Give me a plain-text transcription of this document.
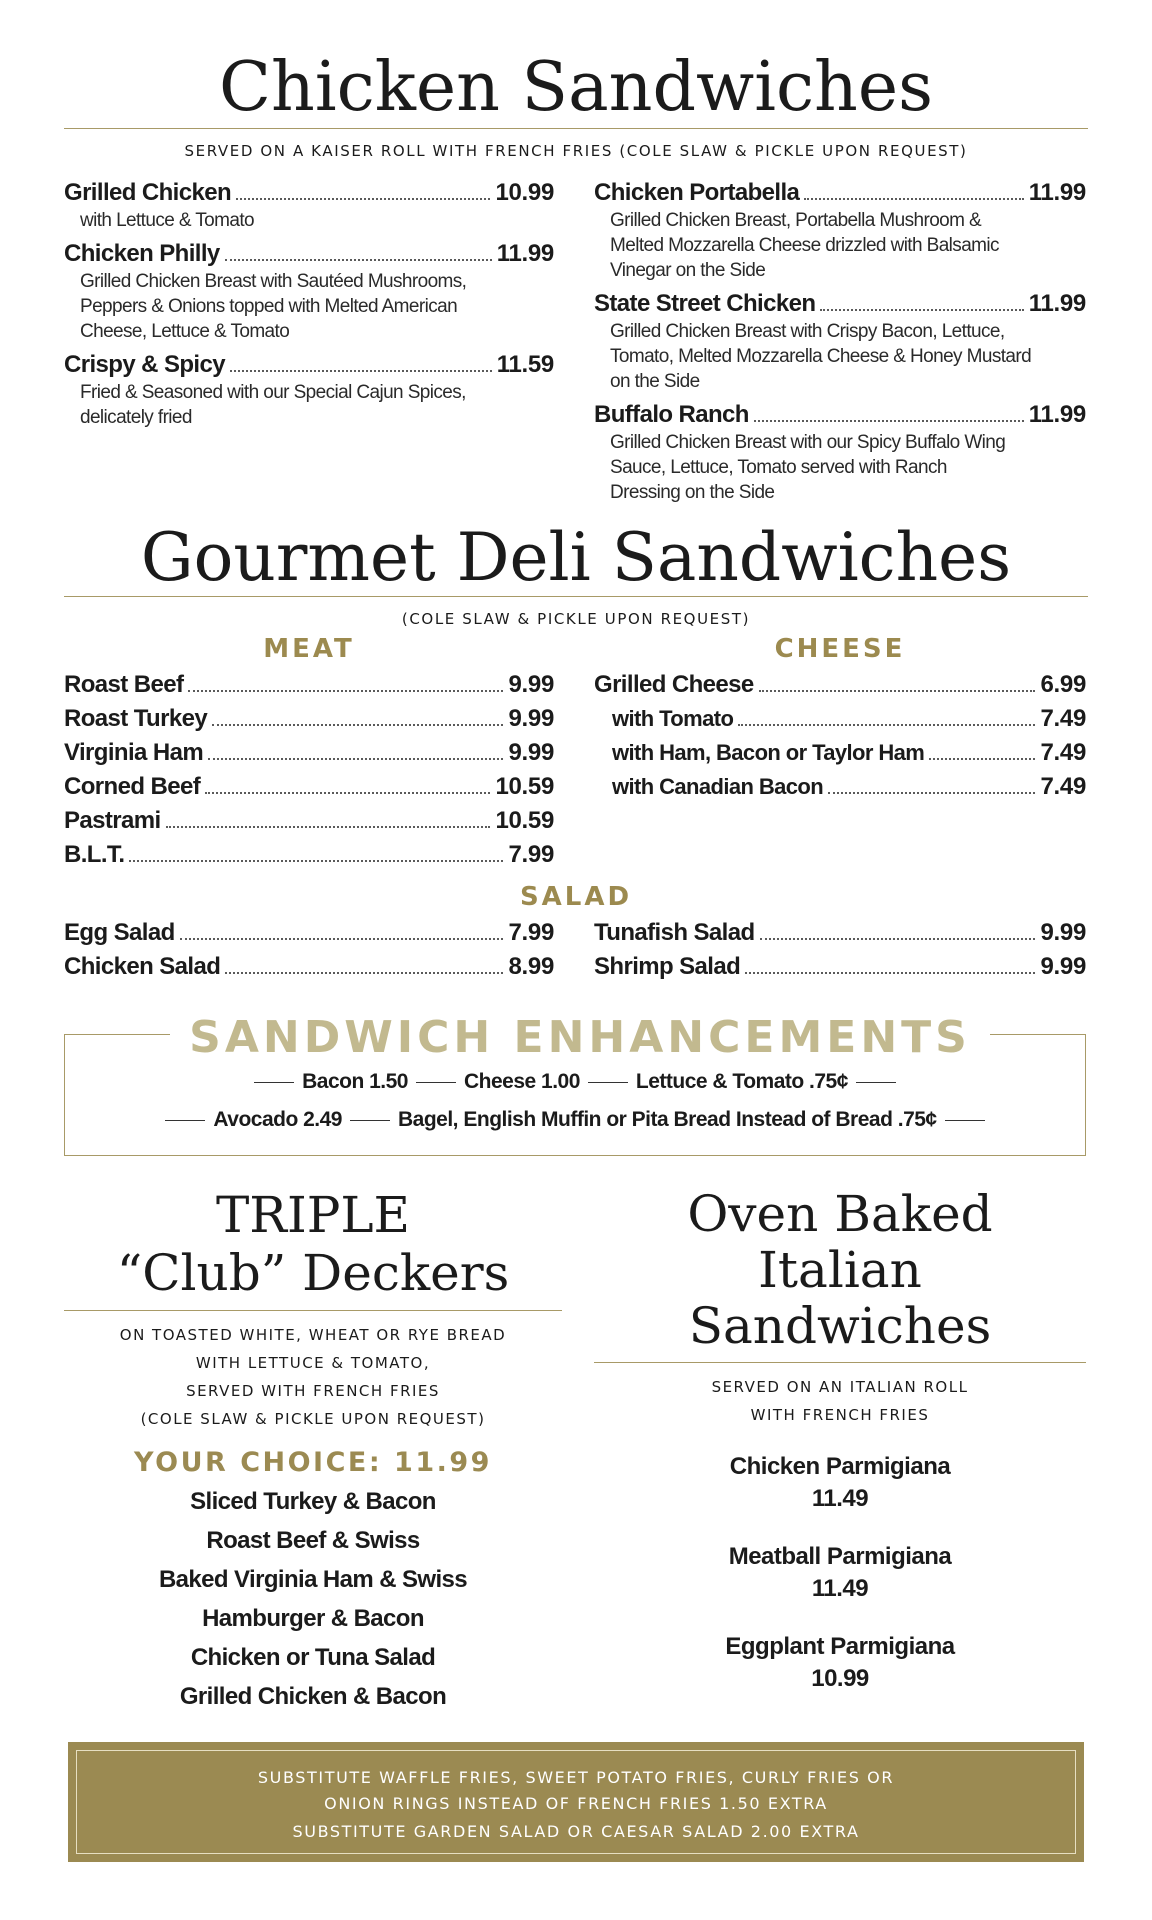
Chicken Sandwiches

SERVED ON A KAISER ROLL WITH FRENCH FRIES (COLE SLAW & PICKLE UPON REQUEST)

Grilled Chicken	10.99
with Lettuce & Tomato
Chicken Philly	11.99
Grilled Chicken Breast with Sautéed Mushrooms, Peppers & Onions topped with Melted American Cheese, Lettuce & Tomato
Crispy & Spicy	11.59
Fried & Seasoned with our Special Cajun Spices, delicately fried
Chicken Portabella	11.99
Grilled Chicken Breast, Portabella Mushroom & Melted Mozzarella Cheese drizzled with Balsamic Vinegar on the Side
State Street Chicken	11.99
Grilled Chicken Breast with Crispy Bacon, Lettuce, Tomato, Melted Mozzarella Cheese & Honey Mustard on the Side
Buffalo Ranch	11.99
Grilled Chicken Breast with our Spicy Buffalo Wing Sauce, Lettuce, Tomato served with Ranch Dressing on the Side
Gourmet Deli Sandwiches

(COLE SLAW & PICKLE UPON REQUEST)

MEAT	CHEESE

Roast Beef	9.99
Roast Turkey	9.99
Virginia Ham	9.99
Corned Beef	10.59
Pastrami	10.59
B.L.T.	7.99
Grilled Cheese	6.99
with Tomato	7.49
with Ham, Bacon or Taylor Ham	7.49
with Canadian Bacon	7.49

SALAD

Egg Salad	7.99
Chicken Salad	8.99
Tunafish Salad	9.99
Shrimp Salad	9.99

SANDWICH ENHANCEMENTS

Bacon 1.50	Cheese 1.00	Lettuce & Tomato .75¢
Avocado 2.49	Bagel, English Muffin or Pita Bread Instead of Bread .75¢
TRIPLE
“Club” Deckers
ON TOASTED WHITE, WHEAT OR RYE BREAD
WITH LETTUCE & TOMATO,
SERVED WITH FRENCH FRIES
(COLE SLAW & PICKLE UPON REQUEST)
YOUR CHOICE: 11.99
Sliced Turkey & Bacon
Roast Beef & Swiss
Baked Virginia Ham & Swiss
Hamburger & Bacon
Chicken or Tuna Salad
Grilled Chicken & Bacon
Oven Baked
Italian
Sandwiches
SERVED ON AN ITALIAN ROLL
WITH FRENCH FRIES
Chicken Parmigiana
11.49
Meatball Parmigiana
11.49
Eggplant Parmigiana
10.99
SUBSTITUTE WAFFLE FRIES, SWEET POTATO FRIES, CURLY FRIES OR
ONION RINGS INSTEAD OF FRENCH FRIES 1.50 EXTRA
SUBSTITUTE GARDEN SALAD OR CAESAR SALAD 2.00 EXTRA
